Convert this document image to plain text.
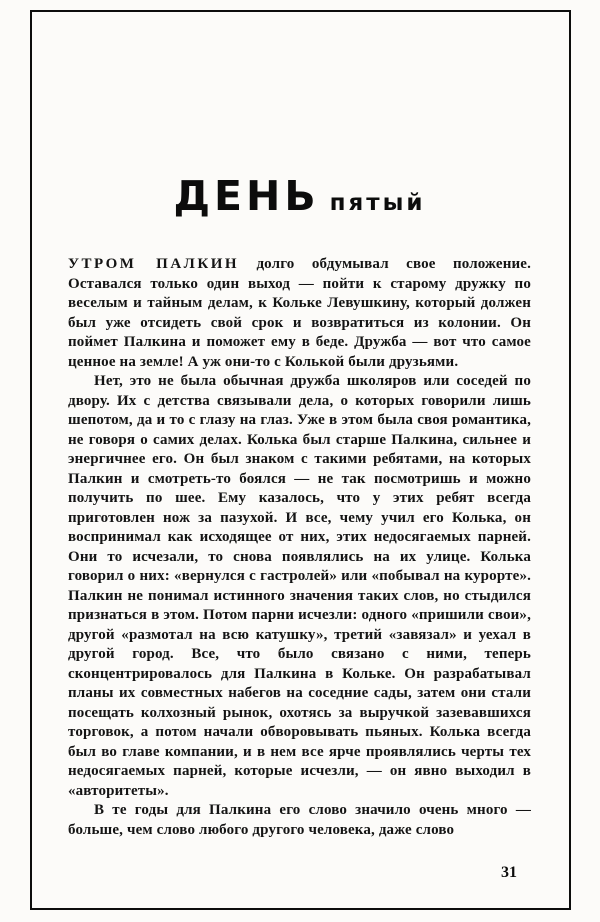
ДЕНЬ пятый

УТРОМ ПАЛКИН долго обдумывал свое положение. Оставался только один выход — пойти к старому дружку по веселым и тайным делам, к Кольке Левушкину, который должен был уже отсидеть свой срок и возвратиться из колонии. Он поймет Палкина и поможет ему в беде. Дружба — вот что самое ценное на земле! А уж они-то с Колькой были друзьями.

Нет, это не была обычная дружба школяров или соседей по двору. Их с детства связывали дела, о которых говорили лишь шепотом, да и то с глазу на глаз. Уже в этом была своя романтика, не говоря о самих делах. Колька был старше Палкина, сильнее и энергичнее его. Он был знаком с такими ребятами, на которых Палкин и смотреть-то боялся — не так посмотришь и можно получить по шее. Ему казалось, что у этих ребят всегда приготовлен нож за пазухой. И все, чему учил его Колька, он воспринимал как исходящее от них, этих недосягаемых парней. Они то исчезали, то снова появлялись на их улице. Колька говорил о них: «вернулся с гастролей» или «побывал на курорте». Палкин не понимал истинного значения таких слов, но стыдился признаться в этом. Потом парни исчезли: одного «пришили свои», другой «размотал на всю катушку», третий «завязал» и уехал в другой город. Все, что было связано с ними, теперь сконцентрировалось для Палкина в Кольке. Он разрабатывал планы их совместных набегов на соседние сады, затем они стали посещать колхозный рынок, охотясь за выручкой зазевавшихся торговок, а потом начали обворовывать пьяных. Колька всегда был во главе компании, и в нем все ярче проявлялись черты тех недосягаемых парней, которые исчезли, — он явно выходил в «авторитеты».

В те годы для Палкина его слово значило очень много — больше, чем слово любого другого человека, даже слово

31
